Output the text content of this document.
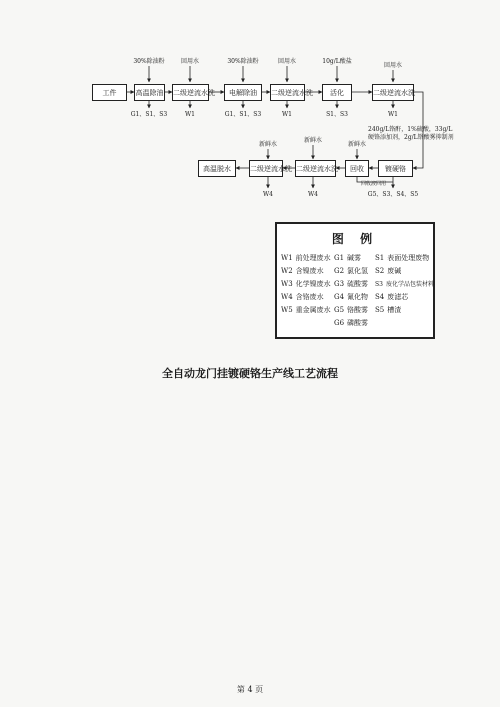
工件	高温除油 二级逆流水洗	电解除油	二级逆流水洗	活化	二级逆流水洗
30%除油粉	回用水	30%除油粉	回用水	10g/L酸盐
回用水
G1、S1、S3	W1	G1、S1、S3	W1	S1、S3	W1
高温脱水	二级逆流水洗 二级逆流水洗	回收	镀硬铬
新鲜水
新鲜水
新鲜水
W4	W4	G5、S3、S4、S5
回收液回用
240g/L铬酐，1%硫酸，33g/L硬铬添加剂，2g/L铬酸雾抑制剂
图 例
W1 前处理废水
W2 含镍废水
W3 化学镍废水
W4 含铬废水
W5 重金属废水
G1 碱雾
G2 氯化氢
G3 硫酸雾
G4 氰化物
G5 铬酸雾
G6 磷酸雾
S1 表面处理废物
S2 废碱
S3 废化学品包装材料
S4 废滤芯
S5 槽渣
全自动龙门挂镀硬铬生产线工艺流程
第 4 页
